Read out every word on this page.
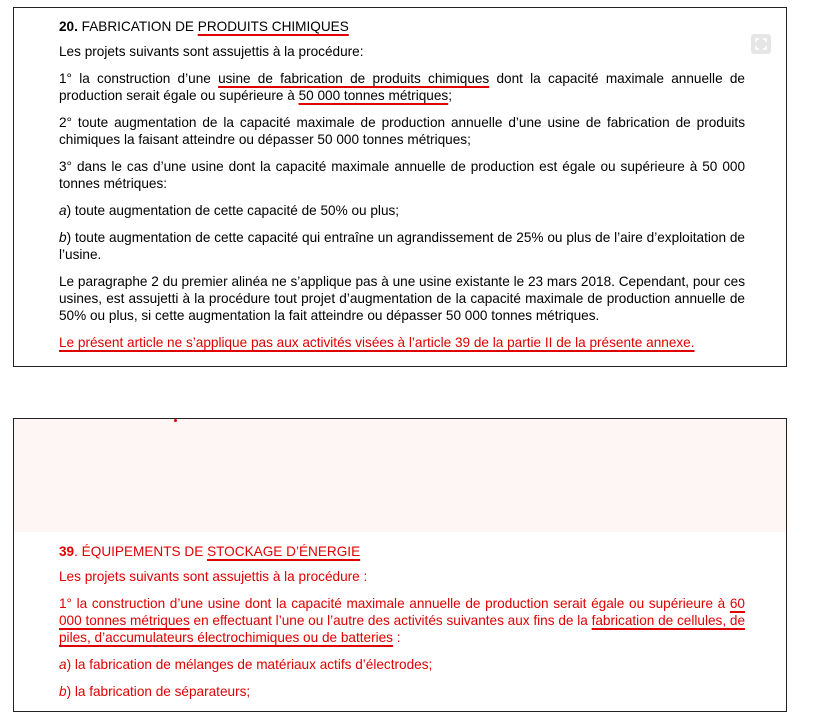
20. FABRICATION DE PRODUITS CHIMIQUES

Les projets suivants sont assujettis à la procédure:

1° la construction d’une usine de fabrication de produits chimiques dont la capacité maximale annuelle de production serait égale ou supérieure à 50 000 tonnes métriques;

2° toute augmentation de la capacité maximale de production annuelle d’une usine de fabrication de produits chimiques la faisant atteindre ou dépasser 50 000 tonnes métriques;

3° dans le cas d’une usine dont la capacité maximale annuelle de production est égale ou supérieure à 50 000 tonnes métriques:

a) toute augmentation de cette capacité de 50% ou plus;

b) toute augmentation de cette capacité qui entraîne un agrandissement de 25% ou plus de l’aire d’exploitation de l’usine.

Le paragraphe 2 du premier alinéa ne s’applique pas à une usine existante le 23 mars 2018. Cependant, pour ces usines, est assujetti à la procédure tout projet d’augmentation de la capacité maximale de production annuelle de 50% ou plus, si cette augmentation la fait atteindre ou dépasser 50 000 tonnes métriques.

Le présent article ne s’applique pas aux activités visées à l’article 39 de la partie II de la présente annexe.

39. ÉQUIPEMENTS DE STOCKAGE D’ÉNERGIE

Les projets suivants sont assujettis à la procédure :

1° la construction d’une usine dont la capacité maximale annuelle de production serait égale ou supérieure à 60 000 tonnes métriques en effectuant l’une ou l’autre des activités suivantes aux fins de la fabrication de cellules, de piles, d’accumulateurs électrochimiques ou de batteries :

a) la fabrication de mélanges de matériaux actifs d’électrodes;

b) la fabrication de séparateurs;
